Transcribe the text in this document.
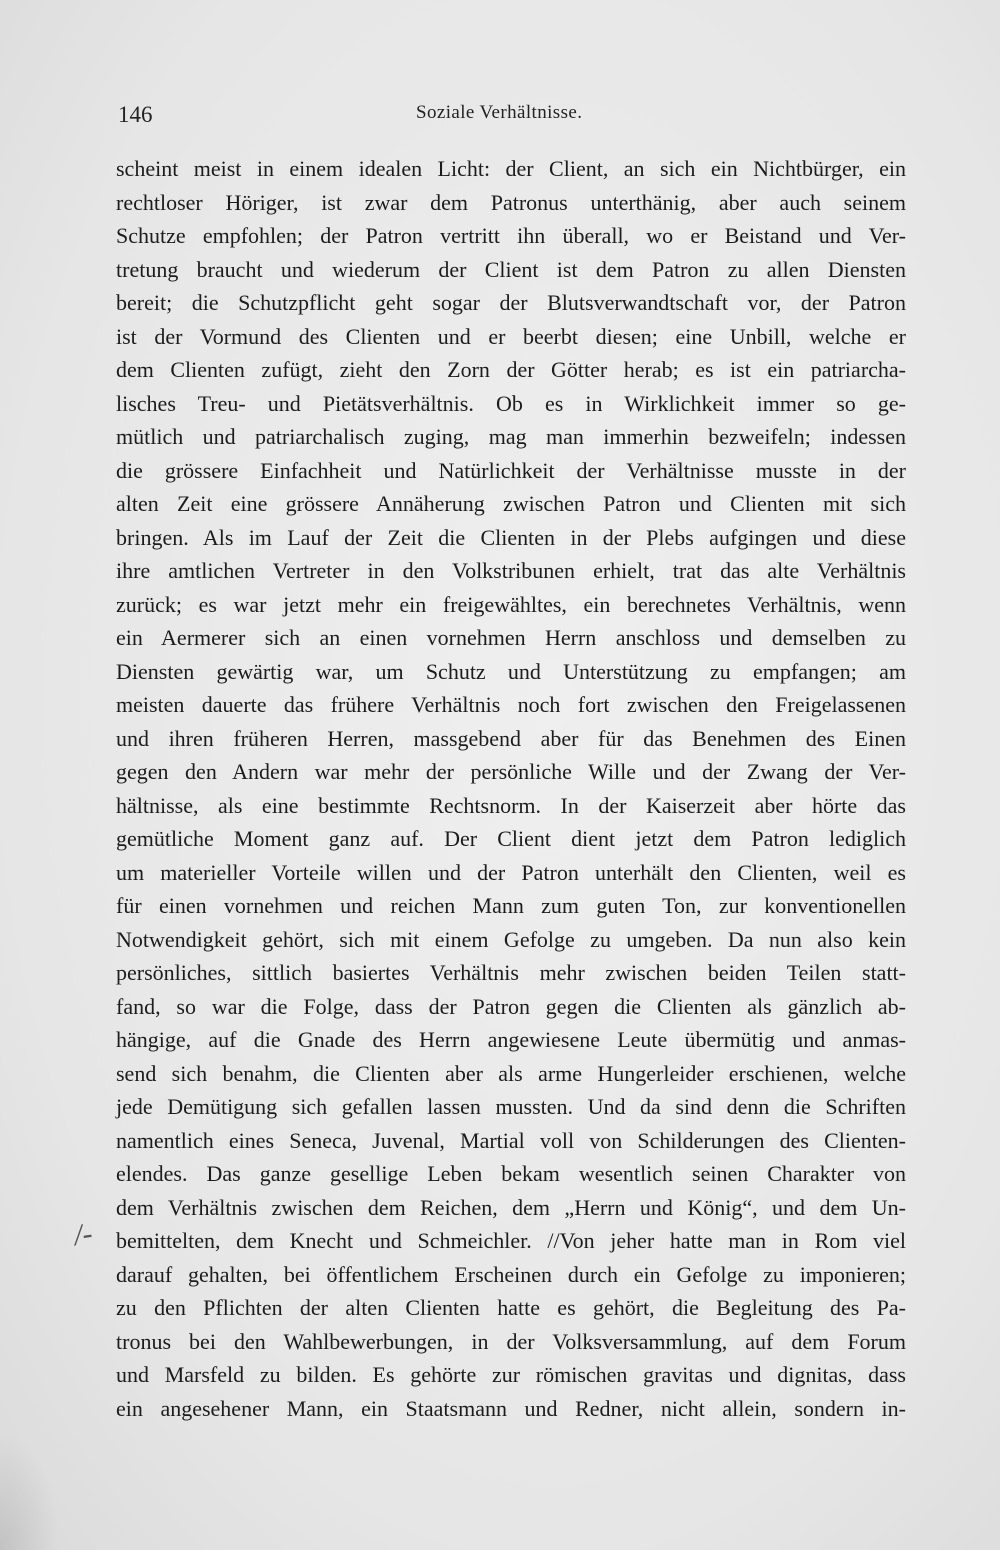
146	Soziale Verhältnisse.
/‑
scheint meist in einem idealen Licht: der Client, an sich ein Nichtbürger, ein
rechtloser Höriger, ist zwar dem Patronus unterthänig, aber auch seinem
Schutze empfohlen; der Patron vertritt ihn überall, wo er Beistand und Ver-
tretung braucht und wiederum der Client ist dem Patron zu allen Diensten
bereit; die Schutzpflicht geht sogar der Blutsverwandtschaft vor, der Patron
ist der Vormund des Clienten und er beerbt diesen; eine Unbill, welche er
dem Clienten zufügt, zieht den Zorn der Götter herab; es ist ein patriarcha-
lisches Treu- und Pietätsverhältnis. Ob es in Wirklichkeit immer so ge-
mütlich und patriarchalisch zuging, mag man immerhin bezweifeln; indessen
die grössere Einfachheit und Natürlichkeit der Verhältnisse musste in der
alten Zeit eine grössere Annäherung zwischen Patron und Clienten mit sich
bringen. Als im Lauf der Zeit die Clienten in der Plebs aufgingen und diese
ihre amtlichen Vertreter in den Volkstribunen erhielt, trat das alte Verhältnis
zurück; es war jetzt mehr ein freigewähltes, ein berechnetes Verhältnis, wenn
ein Aermerer sich an einen vornehmen Herrn anschloss und demselben zu
Diensten gewärtig war, um Schutz und Unterstützung zu empfangen; am
meisten dauerte das frühere Verhältnis noch fort zwischen den Freigelassenen
und ihren früheren Herren, massgebend aber für das Benehmen des Einen
gegen den Andern war mehr der persönliche Wille und der Zwang der Ver-
hältnisse, als eine bestimmte Rechtsnorm. In der Kaiserzeit aber hörte das
gemütliche Moment ganz auf. Der Client dient jetzt dem Patron lediglich
um materieller Vorteile willen und der Patron unterhält den Clienten, weil es
für einen vornehmen und reichen Mann zum guten Ton, zur konventionellen
Notwendigkeit gehört, sich mit einem Gefolge zu umgeben. Da nun also kein
persönliches, sittlich basiertes Verhältnis mehr zwischen beiden Teilen statt-
fand, so war die Folge, dass der Patron gegen die Clienten als gänzlich ab-
hängige, auf die Gnade des Herrn angewiesene Leute übermütig und anmas-
send sich benahm, die Clienten aber als arme Hungerleider erschienen, welche
jede Demütigung sich gefallen lassen mussten. Und da sind denn die Schriften
namentlich eines Seneca, Juvenal, Martial voll von Schilderungen des Clienten-
elendes. Das ganze gesellige Leben bekam wesentlich seinen Charakter von
dem Verhältnis zwischen dem Reichen, dem „Herrn und König“, und dem Un-
bemittelten, dem Knecht und Schmeichler. //Von jeher hatte man in Rom viel
darauf gehalten, bei öffentlichem Erscheinen durch ein Gefolge zu imponieren;
zu den Pflichten der alten Clienten hatte es gehört, die Begleitung des Pa-
tronus bei den Wahlbewerbungen, in der Volksversammlung, auf dem Forum
und Marsfeld zu bilden. Es gehörte zur römischen gravitas und dignitas, dass
ein angesehener Mann, ein Staatsmann und Redner, nicht allein, sondern in-
